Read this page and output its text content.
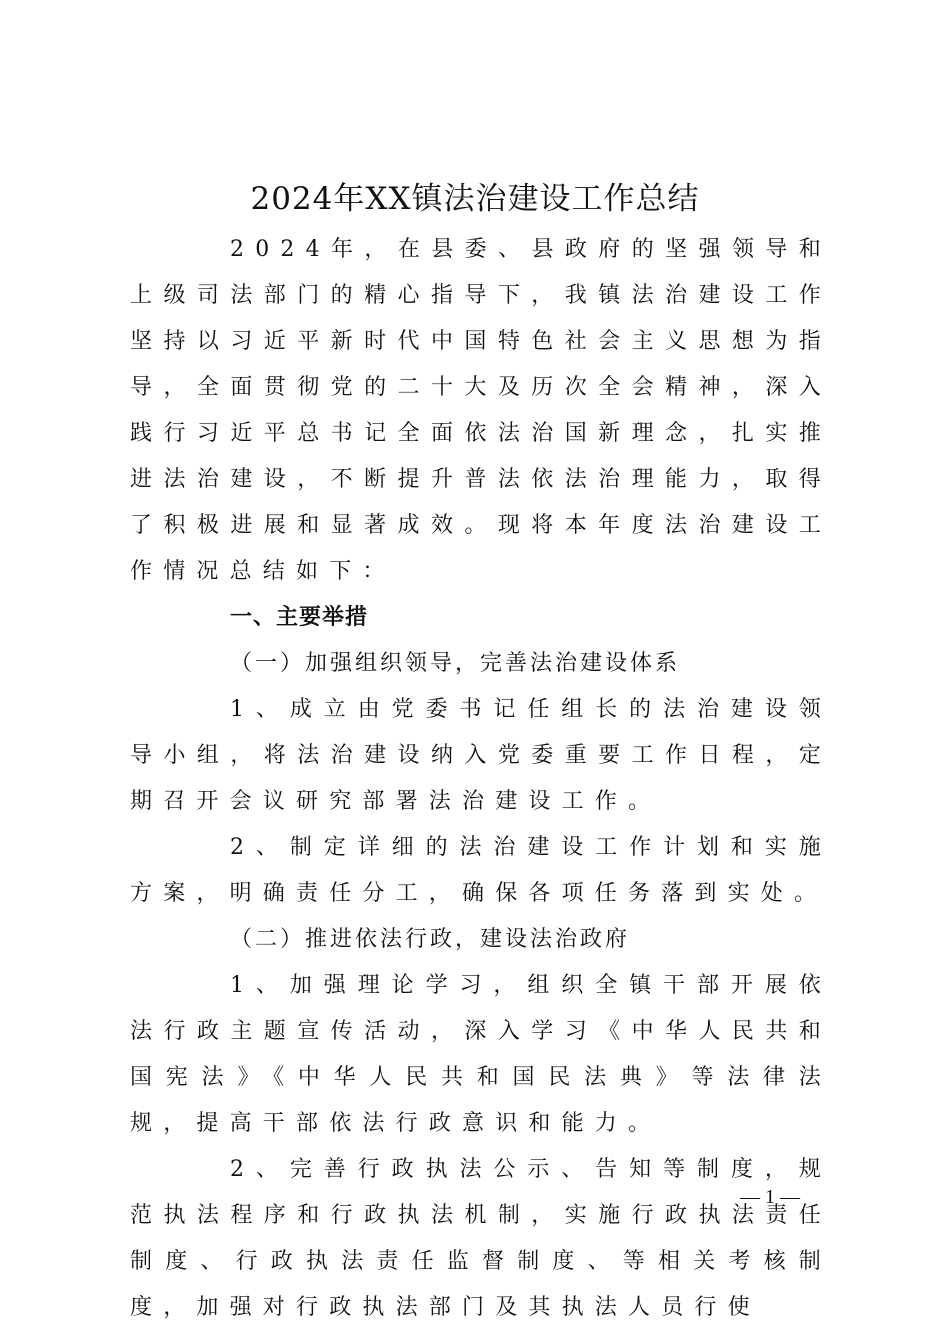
2024年XX镇法治建设工作总结

2024年，在县委、县政府的坚强领导和上级司法部门的精心指导下，我镇法治建设工作坚持以习近平新时代中国特色社会主义思想为指导，全面贯彻党的二十大及历次全会精神，深入践行习近平总书记全面依法治国新理念，扎实推进法治建设，不断提升普法依法治理能力，取得了积极进展和显著成效。现将本年度法治建设工作情况总结如下：

一、主要举措

（一）加强组织领导，完善法治建设体系

1、成立由党委书记任组长的法治建设领导小组，将法治建设纳入党委重要工作日程，定期召开会议研究部署法治建设工作。

2、制定详细的法治建设工作计划和实施方案，明确责任分工，确保各项任务落到实处。

（二）推进依法行政，建设法治政府

1、加强理论学习，组织全镇干部开展依法行政主题宣传活动，深入学习《中华人民共和国宪法》《中华人民共和国民法典》等法律法规，提高干部依法行政意识和能力。

2、完善行政执法公示、告知等制度，规范执法程序和行政执法机制，实施行政执法责任制度、行政执法责任监督制度、等相关考核制度，加强对行政执法部门及其执法人员行使

— 1 —
